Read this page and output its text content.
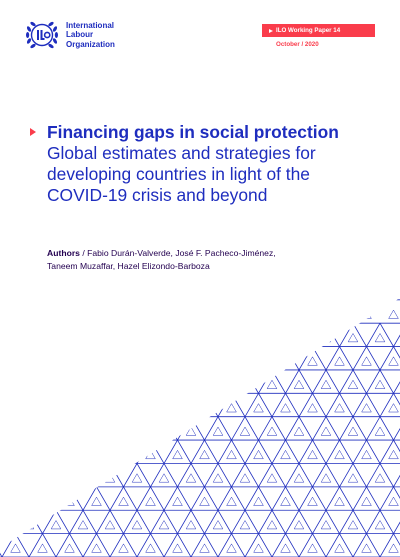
International
Labour
Organization
ILO Working Paper 14
October / 2020
Financing gaps in social protection
Global estimates and strategies for
developing countries in light of the
COVID-19 crisis and beyond
Authors / Fabio Durán-Valverde, José F. Pacheco-Jiménez,
Taneem Muzaffar, Hazel Elizondo-Barboza
